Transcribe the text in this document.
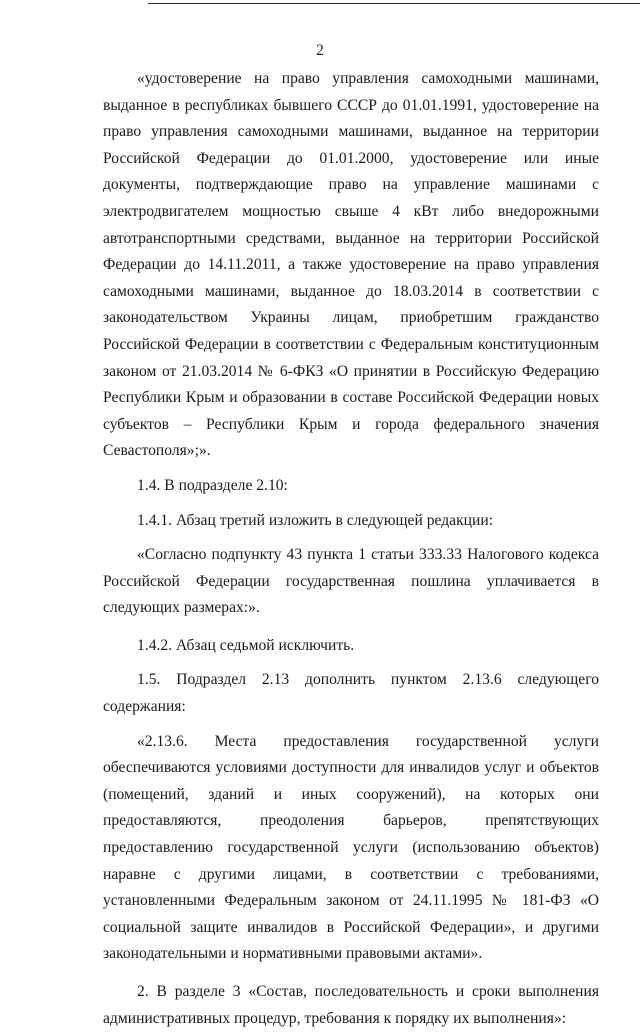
2

«удостоверение на право управления самоходными машинами, выданное в республиках бывшего СССР до 01.01.1991, удостоверение на право управления самоходными машинами, выданное на территории Российской Федерации до 01.01.2000, удостоверение или иные документы, подтверждающие право на управление машинами с электродвигателем мощностью свыше 4 кВт либо внедорожными автотранспортными средствами, выданное на территории Российской Федерации до 14.11.2011, а также удостоверение на право управления самоходными машинами, выданное до 18.03.2014 в соответствии с законодательством Украины лицам, приобретшим гражданство Российской Федерации в соответствии с Федеральным конституционным законом от 21.03.2014 № 6-ФКЗ «О принятии в Российскую Федерацию Республики Крым и образовании в составе Российской Федерации новых субъектов – Республики Крым и города федерального значения Севастополя»;».

1.4. В подразделе 2.10:

1.4.1. Абзац третий изложить в следующей редакции:

«Согласно подпункту 43 пункта 1 статьи 333.33 Налогового кодекса Российской Федерации государственная пошлина уплачивается в следующих размерах:».

1.4.2. Абзац седьмой исключить.

1.5. Подраздел 2.13 дополнить пунктом 2.13.6 следующего содержания:

«2.13.6. Места предоставления государственной услуги обеспечиваются условиями доступности для инвалидов услуг и объектов (помещений, зданий и иных сооружений), на которых они предоставляются, преодоления барьеров, препятствующих предоставлению государственной услуги (использованию объектов) наравне с другими лицами, в соответствии с требованиями, установленными Федеральным законом от 24.11.1995 № 181-ФЗ «О социальной защите инвалидов в Российской Федерации», и другими законодательными и нормативными правовыми актами».

2. В разделе 3 «Состав, последовательность и сроки выполнения административных процедур, требования к порядку их выполнения»:
